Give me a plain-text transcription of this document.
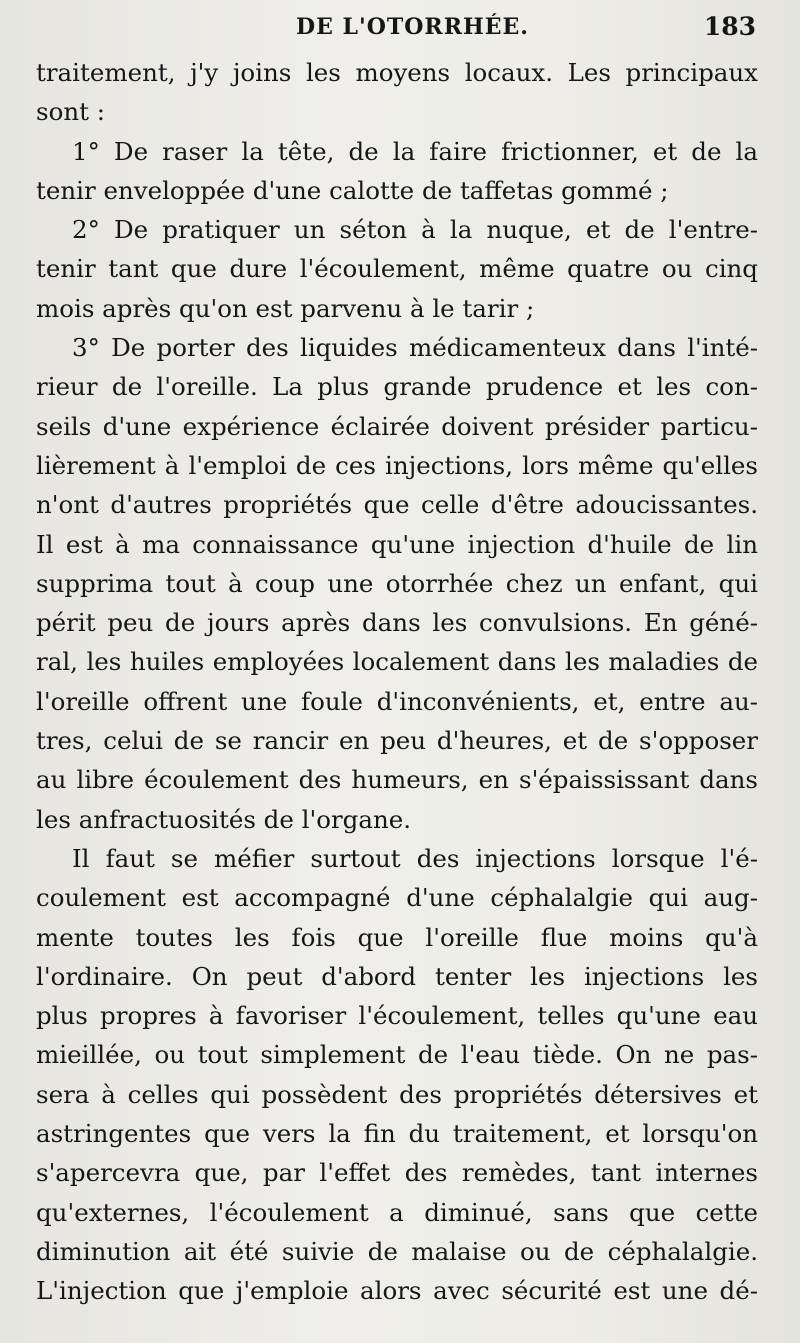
DE L'OTORRHÉE.	183
traitement, j'y joins les moyens locaux. Les principaux
sont :
1° De raser la tête, de la faire frictionner, et de la
tenir enveloppée d'une calotte de taffetas gommé ;
2° De pratiquer un séton à la nuque, et de l'entre-
tenir tant que dure l'écoulement, même quatre ou cinq
mois après qu'on est parvenu à le tarir ;
3° De porter des liquides médicamenteux dans l'inté-
rieur de l'oreille. La plus grande prudence et les con-
seils d'une expérience éclairée doivent présider particu-
lièrement à l'emploi de ces injections, lors même qu'elles
n'ont d'autres propriétés que celle d'être adoucissantes.
Il est à ma connaissance qu'une injection d'huile de lin
supprima tout à coup une otorrhée chez un enfant, qui
périt peu de jours après dans les convulsions. En géné-
ral, les huiles employées localement dans les maladies de
l'oreille offrent une foule d'inconvénients, et, entre au-
tres, celui de se rancir en peu d'heures, et de s'opposer
au libre écoulement des humeurs, en s'épaississant dans
les anfractuosités de l'organe.
Il faut se méfier surtout des injections lorsque l'é-
coulement est accompagné d'une céphalalgie qui aug-
mente toutes les fois que l'oreille flue moins qu'à
l'ordinaire. On peut d'abord tenter les injections les
plus propres à favoriser l'écoulement, telles qu'une eau
mieillée, ou tout simplement de l'eau tiède. On ne pas-
sera à celles qui possèdent des propriétés détersives et
astringentes que vers la fin du traitement, et lorsqu'on
s'apercevra que, par l'effet des remèdes, tant internes
qu'externes, l'écoulement a diminué, sans que cette
diminution ait été suivie de malaise ou de céphalalgie.
L'injection que j'emploie alors avec sécurité est une dé-
